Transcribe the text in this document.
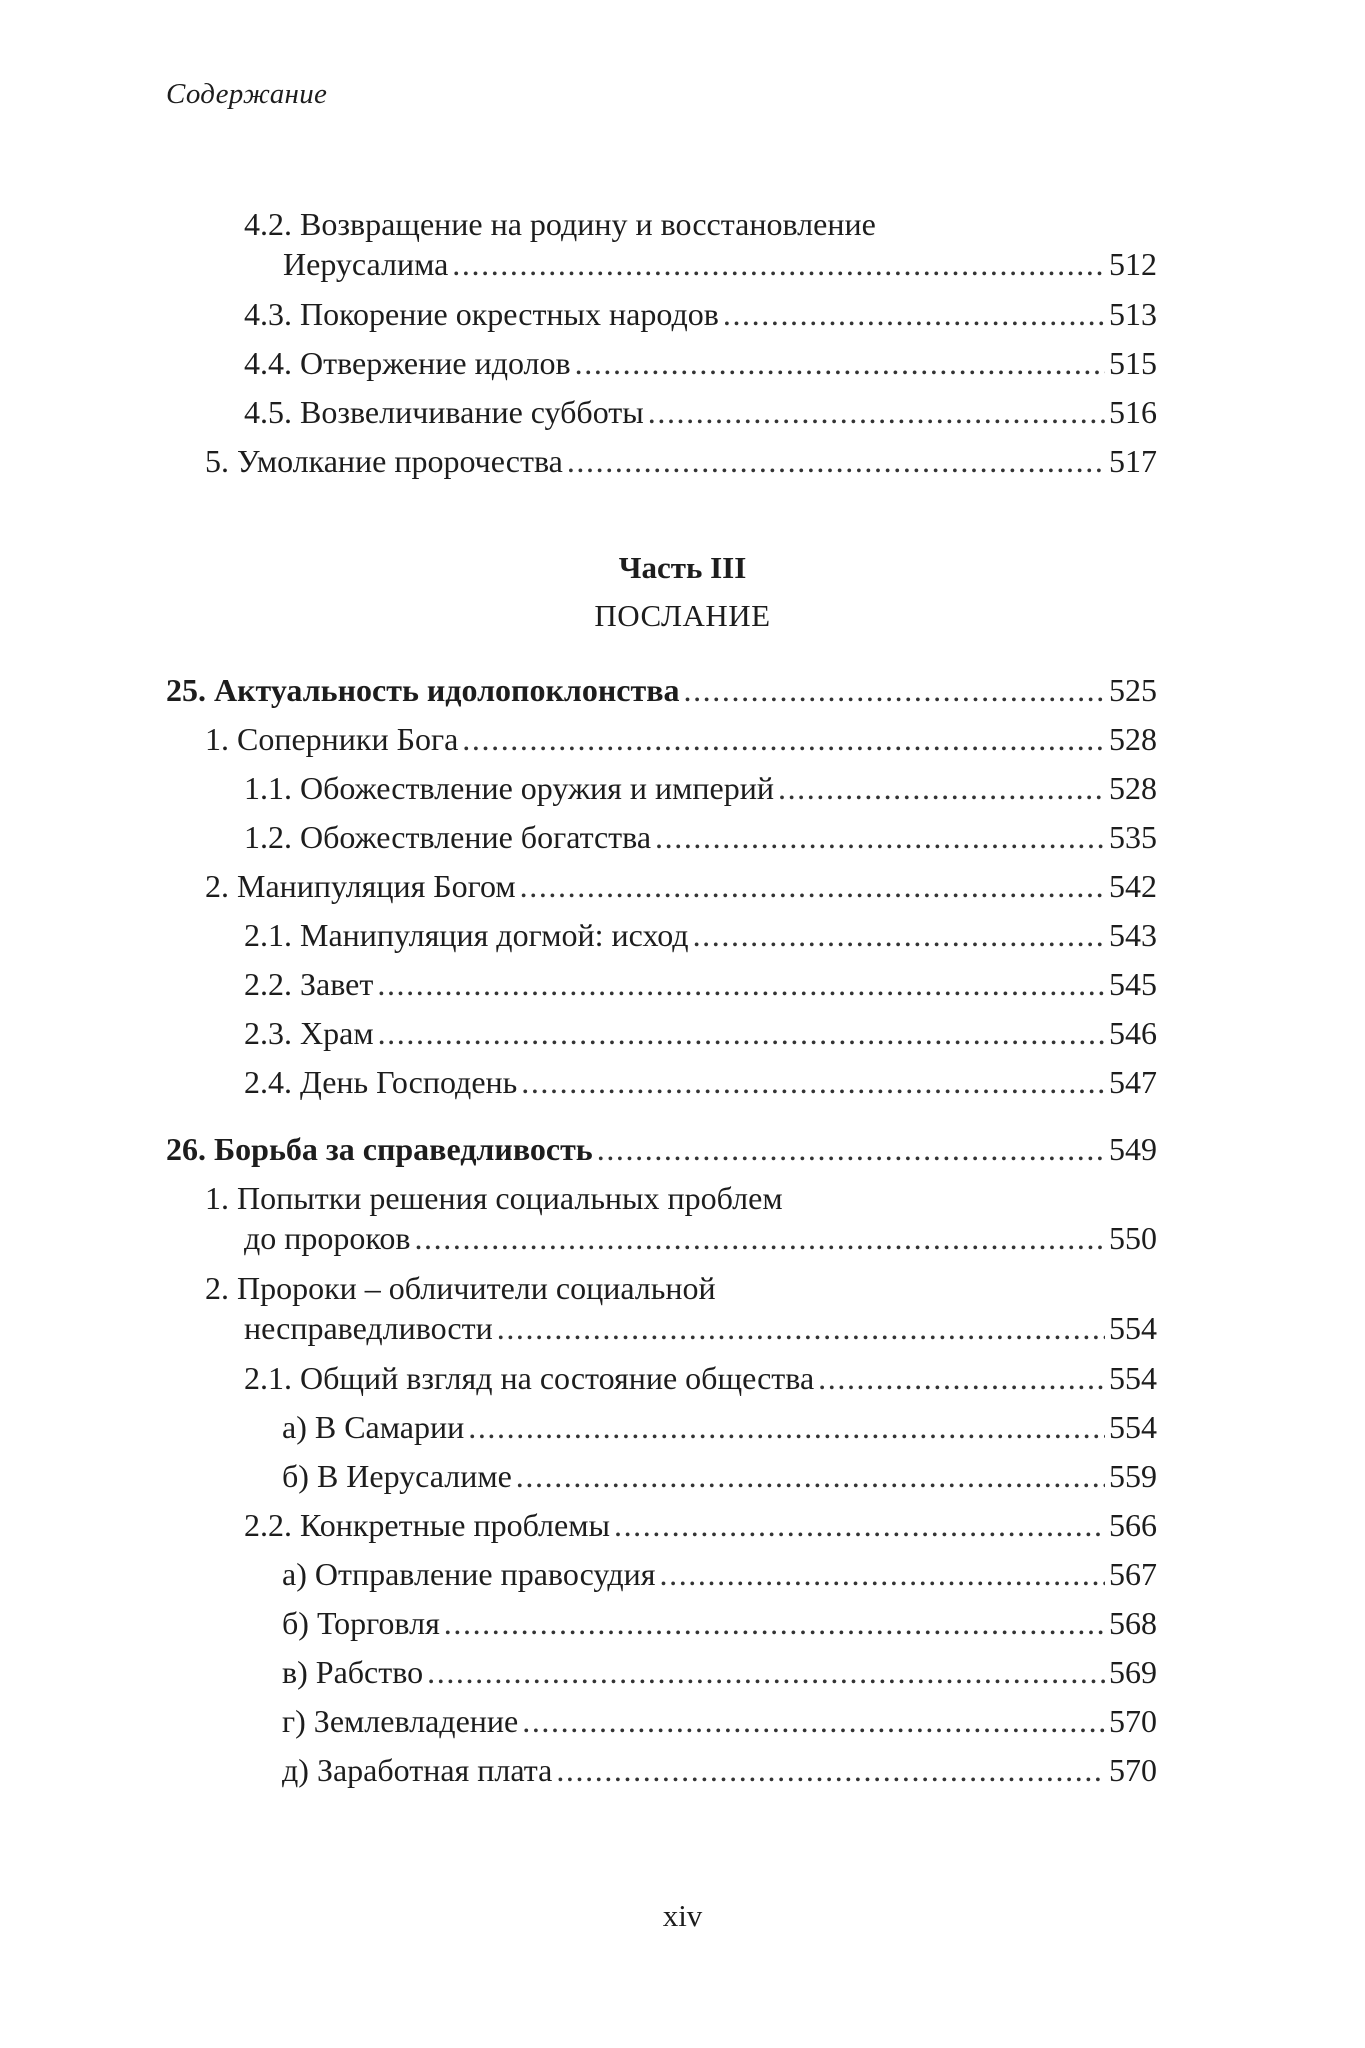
Содержание
4.2. Возвращение на родину и восстановление
Иерусалима . . .	512
4.3. Покорение окрестных народов . . .	513
4.4. Отвержение идолов . . .	515
4.5. Возвеличивание субботы . . .	516
5. Умолкание пророчества . . .	517
Часть III
ПОСЛАНИЕ
25. Актуальность идолопоклонства . . .	525
1. Соперники Бога . . .	528
1.1. Обожествление оружия и империй . . .	528
1.2. Обожествление богатства . . .	535
2. Манипуляция Богом . . .	542
2.1. Манипуляция догмой: исход . . .	543
2.2. Завет . . .	545
2.3. Храм . . .	546
2.4. День Господень . . .	547
26. Борьба за справедливость . . .	549
1. Попытки решения социальных проблем
до пророков . . .	550
2. Пророки – обличители социальной
несправедливости . . .	554
2.1. Общий взгляд на состояние общества . . .	554
а) В Самарии . . .	554
б) В Иерусалиме . . .	559
2.2. Конкретные проблемы . . .	566
а) Отправление правосудия . . .	567
б) Торговля . . .	568
в) Рабство . . .	569
г) Землевладение . . .	570
д) Заработная плата . . .	570
xiv
